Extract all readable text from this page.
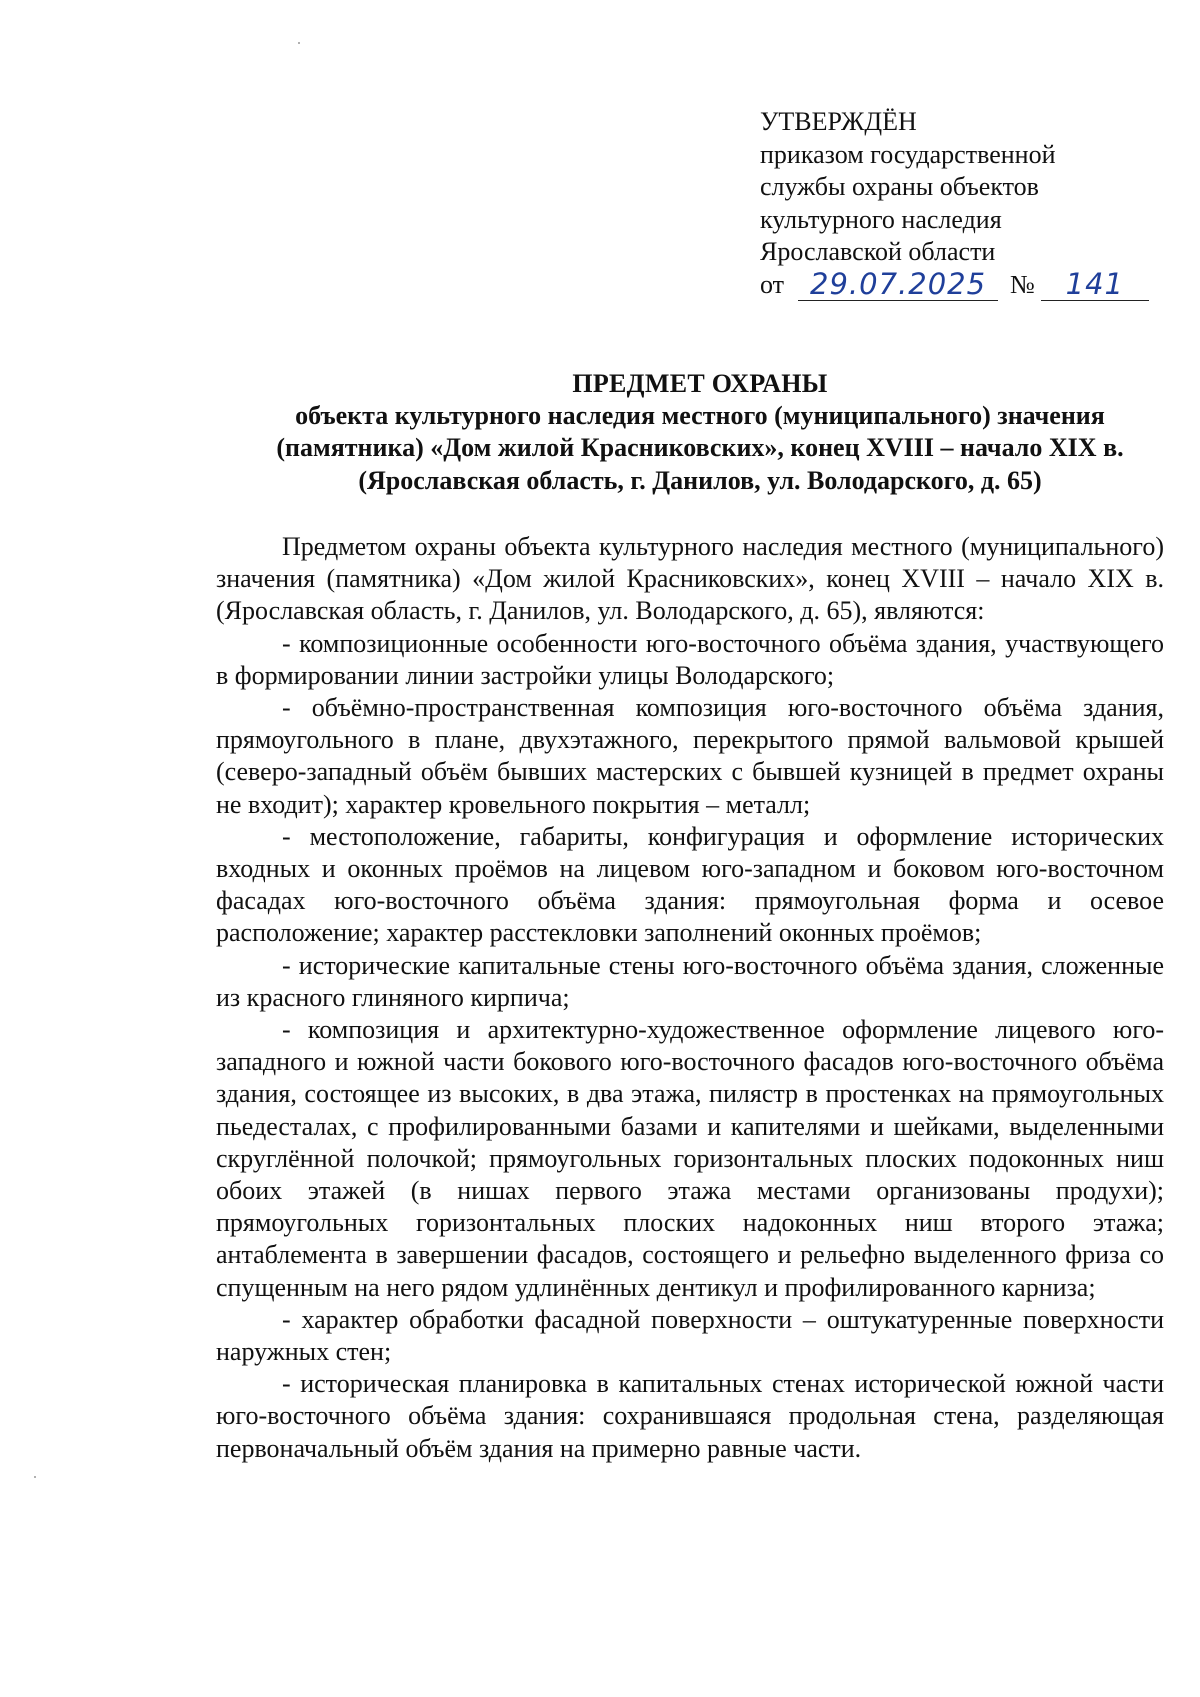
УТВЕРЖДЁН
приказом государственной
службы охраны объектов
культурного наследия
Ярославской области
от 29.07.2025 №	141
ПРЕДМЕТ ОХРАНЫ
объекта культурного наследия местного (муниципального) значения
(памятника) «Дом жилой Красниковских», конец XVIII – начало XIX в.
(Ярославская область, г. Данилов, ул. Володарского, д. 65)

Предметом охраны объекта культурного наследия местного (муниципального) значения (памятника) «Дом жилой Красниковских», конец XVIII – начало XIX в. (Ярославская область, г. Данилов, ул. Володарского, д. 65), являются:

- композиционные особенности юго-восточного объёма здания, участвующего в формировании линии застройки улицы Володарского;

- объёмно-пространственная композиция юго-восточного объёма здания, прямоугольного в плане, двухэтажного, перекрытого прямой вальмовой крышей (северо-западный объём бывших мастерских с бывшей кузницей в предмет охраны не входит); характер кровельного покрытия – металл;

- местоположение, габариты, конфигурация и оформление исторических входных и оконных проёмов на лицевом юго-западном и боковом юго-восточном фасадах юго-восточного объёма здания: прямоугольная форма и осевое расположение; характер расстекловки заполнений оконных проёмов;

- исторические капитальные стены юго-восточного объёма здания, сложенные из красного глиняного кирпича;

- композиция и архитектурно-художественное оформление лицевого юго-западного и южной части бокового юго-восточного фасадов юго-восточного объёма здания, состоящее из высоких, в два этажа, пилястр в простенках на прямоугольных пьедесталах, с профилированными базами и капителями и шейками, выделенными скруглённой полочкой; прямоугольных горизонтальных плоских подоконных ниш обоих этажей (в нишах первого этажа местами организованы продухи); прямоугольных горизонтальных плоских надоконных ниш второго этажа; антаблемента в завершении фасадов, состоящего и рельефно выделенного фриза со спущенным на него рядом удлинённых дентикул и профилированного карниза;

- характер обработки фасадной поверхности – оштукатуренные поверхности наружных стен;

- историческая планировка в капитальных стенах исторической южной части юго-восточного объёма здания: сохранившаяся продольная стена, разделяющая первоначальный объём здания на примерно равные части.
